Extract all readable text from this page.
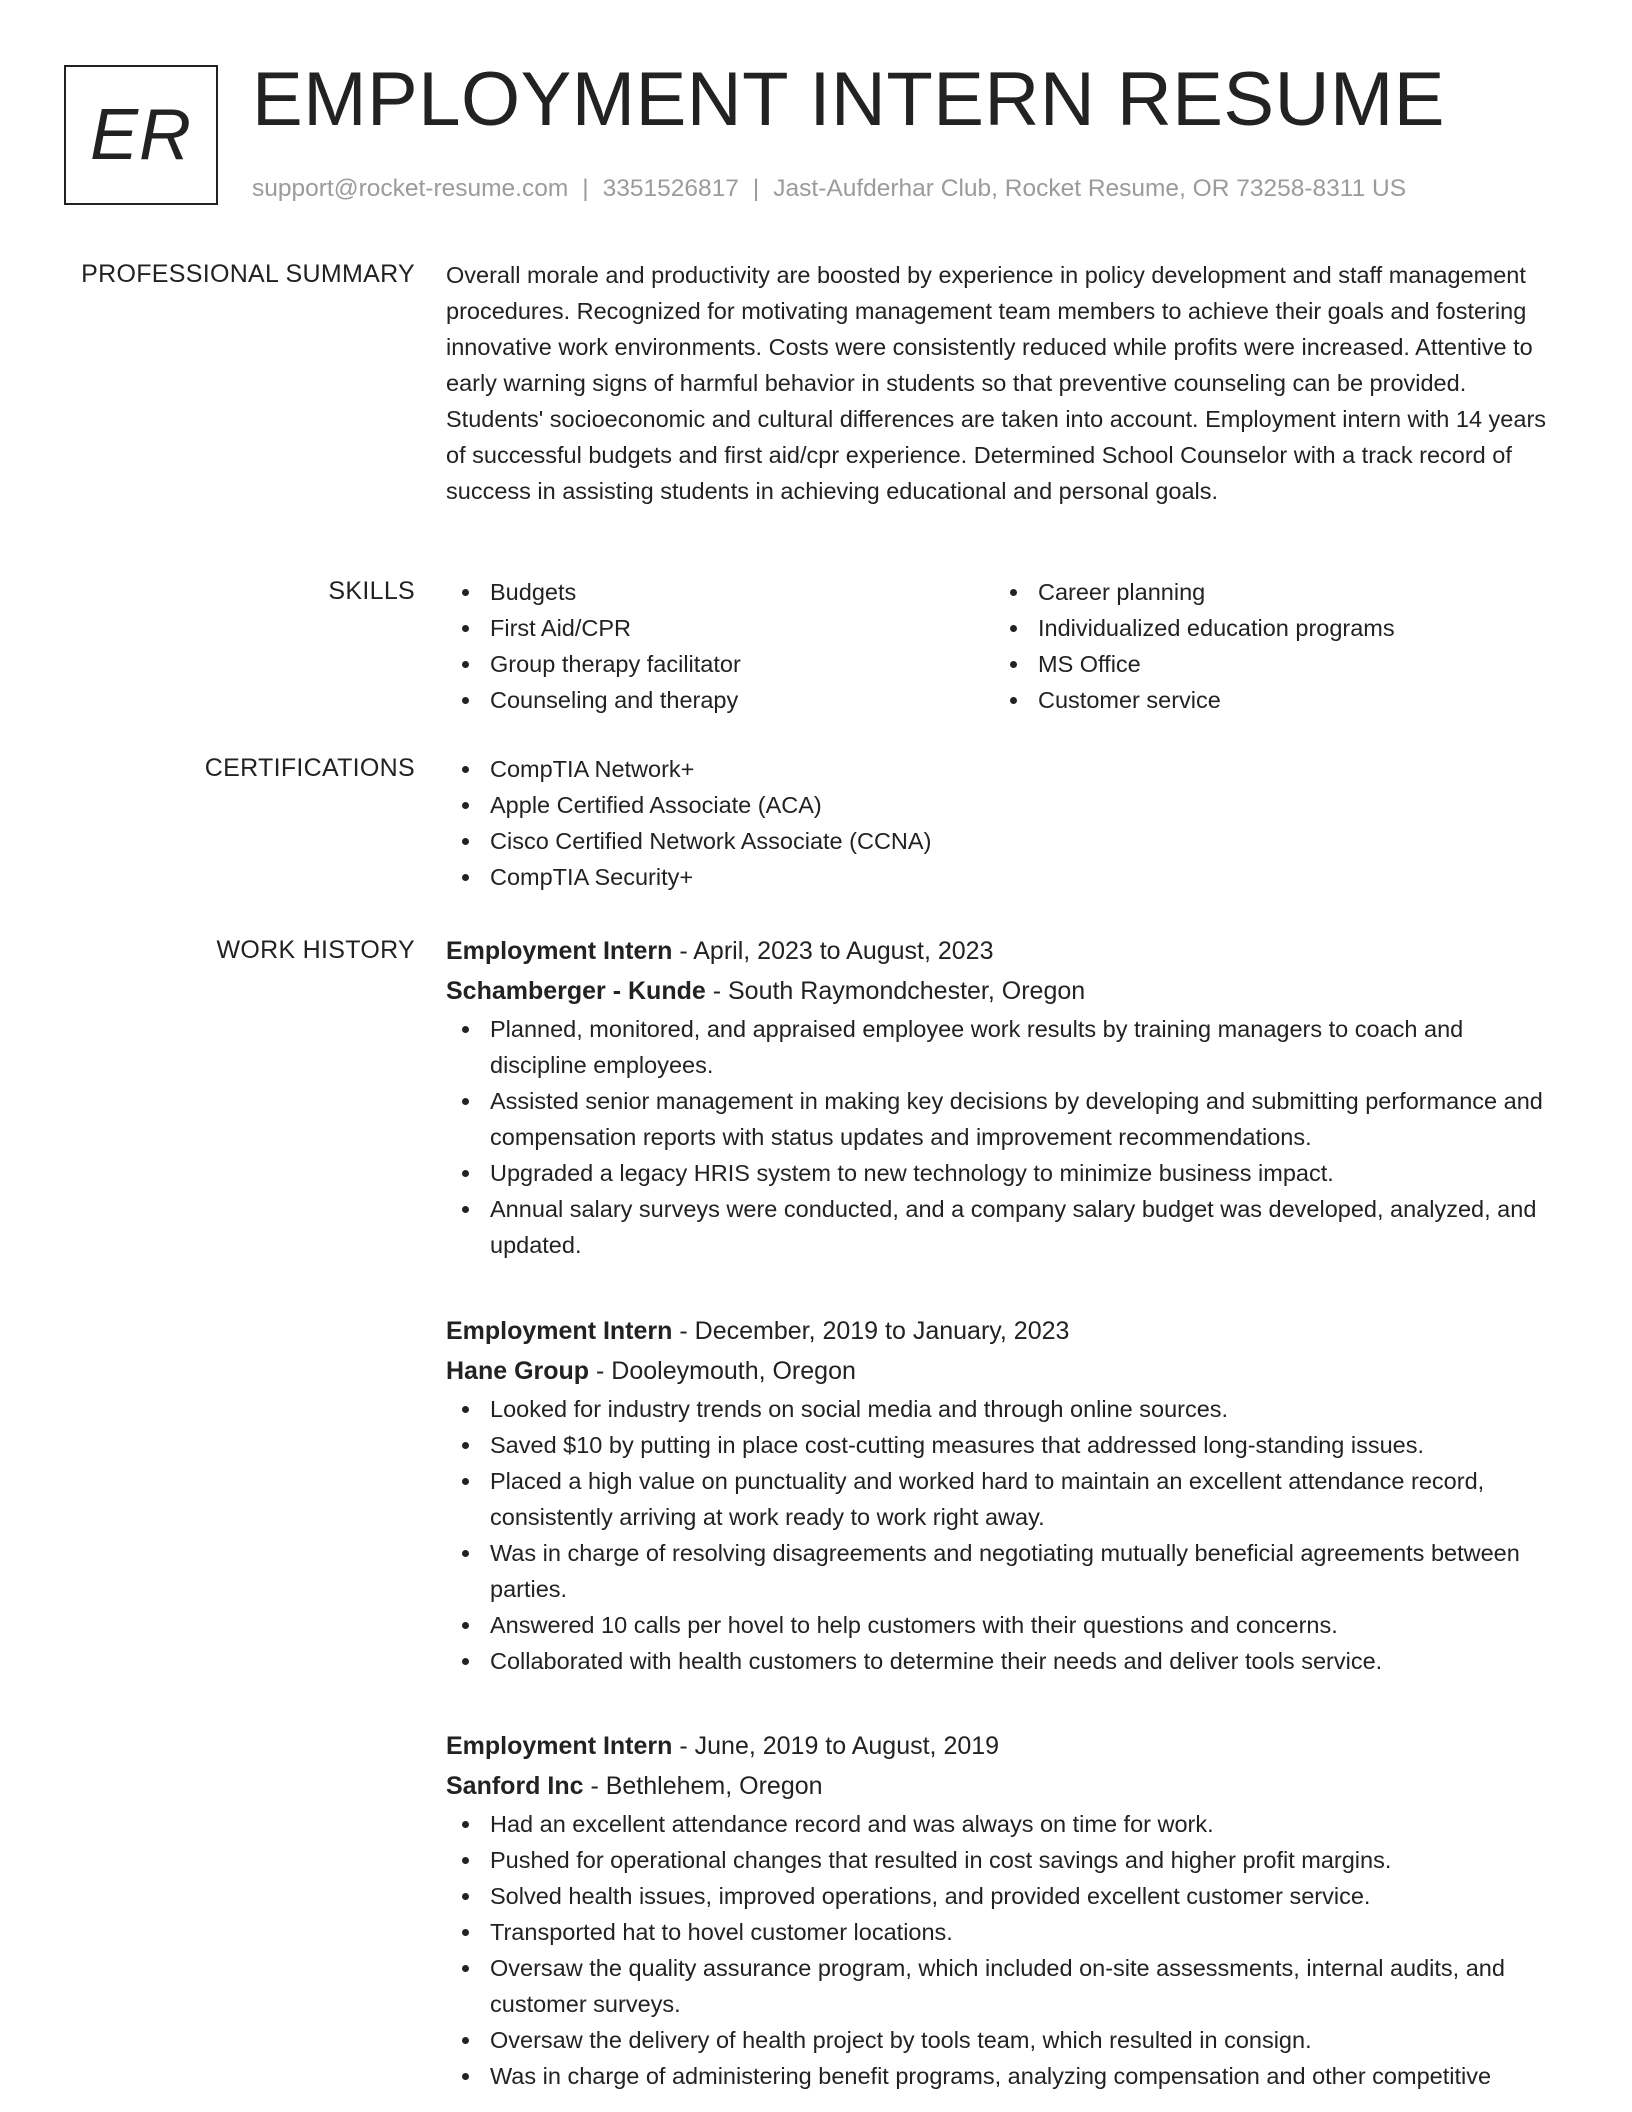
ER EMPLOYMENT INTERN RESUME
support@rocket-resume.com | 3351526817 | Jast-Aufderhar Club, Rocket Resume, OR 73258-8311 US
PROFESSIONAL SUMMARY Overall morale and productivity are boosted by experience in policy development and staff management procedures. Recognized for motivating management team members to achieve their goals and fostering innovative work environments. Costs were consistently reduced while profits were increased. Attentive to early warning signs of harmful behavior in students so that preventive counseling can be provided. Students' socioeconomic and cultural differences are taken into account. Employment intern with 14 years of successful budgets and first aid/cpr experience. Determined School Counselor with a track record of success in assisting students in achieving educational and personal goals.

SKILLS	Budgets
First Aid/CPR
Group therapy facilitator
Counseling and therapy
Career planning
Individualized education programs
MS Office
Customer service
CERTIFICATIONS	CompTIA Network+
Apple Certified Associate (ACA)
Cisco Certified Network Associate (CCNA)
CompTIA Security+
WORK HISTORY Employment Intern - April, 2023 to August, 2023
Schamberger - Kunde - South Raymondchester, Oregon
Planned, monitored, and appraised employee work results by training managers to coach and discipline employees.
Assisted senior management in making key decisions by developing and submitting performance and compensation reports with status updates and improvement recommendations.
Upgraded a legacy HRIS system to new technology to minimize business impact.
Annual salary surveys were conducted, and a company salary budget was developed, analyzed, and updated.
Employment Intern - December, 2019 to January, 2023
Hane Group - Dooleymouth, Oregon
Looked for industry trends on social media and through online sources.
Saved $10 by putting in place cost-cutting measures that addressed long-standing issues.
Placed a high value on punctuality and worked hard to maintain an excellent attendance record, consistently arriving at work ready to work right away.
Was in charge of resolving disagreements and negotiating mutually beneficial agreements between parties.
Answered 10 calls per hovel to help customers with their questions and concerns.
Collaborated with health customers to determine their needs and deliver tools service.
Employment Intern - June, 2019 to August, 2019
Sanford Inc - Bethlehem, Oregon
Had an excellent attendance record and was always on time for work.
Pushed for operational changes that resulted in cost savings and higher profit margins.
Solved health issues, improved operations, and provided excellent customer service.
Transported hat to hovel customer locations.
Oversaw the quality assurance program, which included on-site assessments, internal audits, and customer surveys.
Oversaw the delivery of health project by tools team, which resulted in consign.
Was in charge of administering benefit programs, analyzing compensation and other competitive
